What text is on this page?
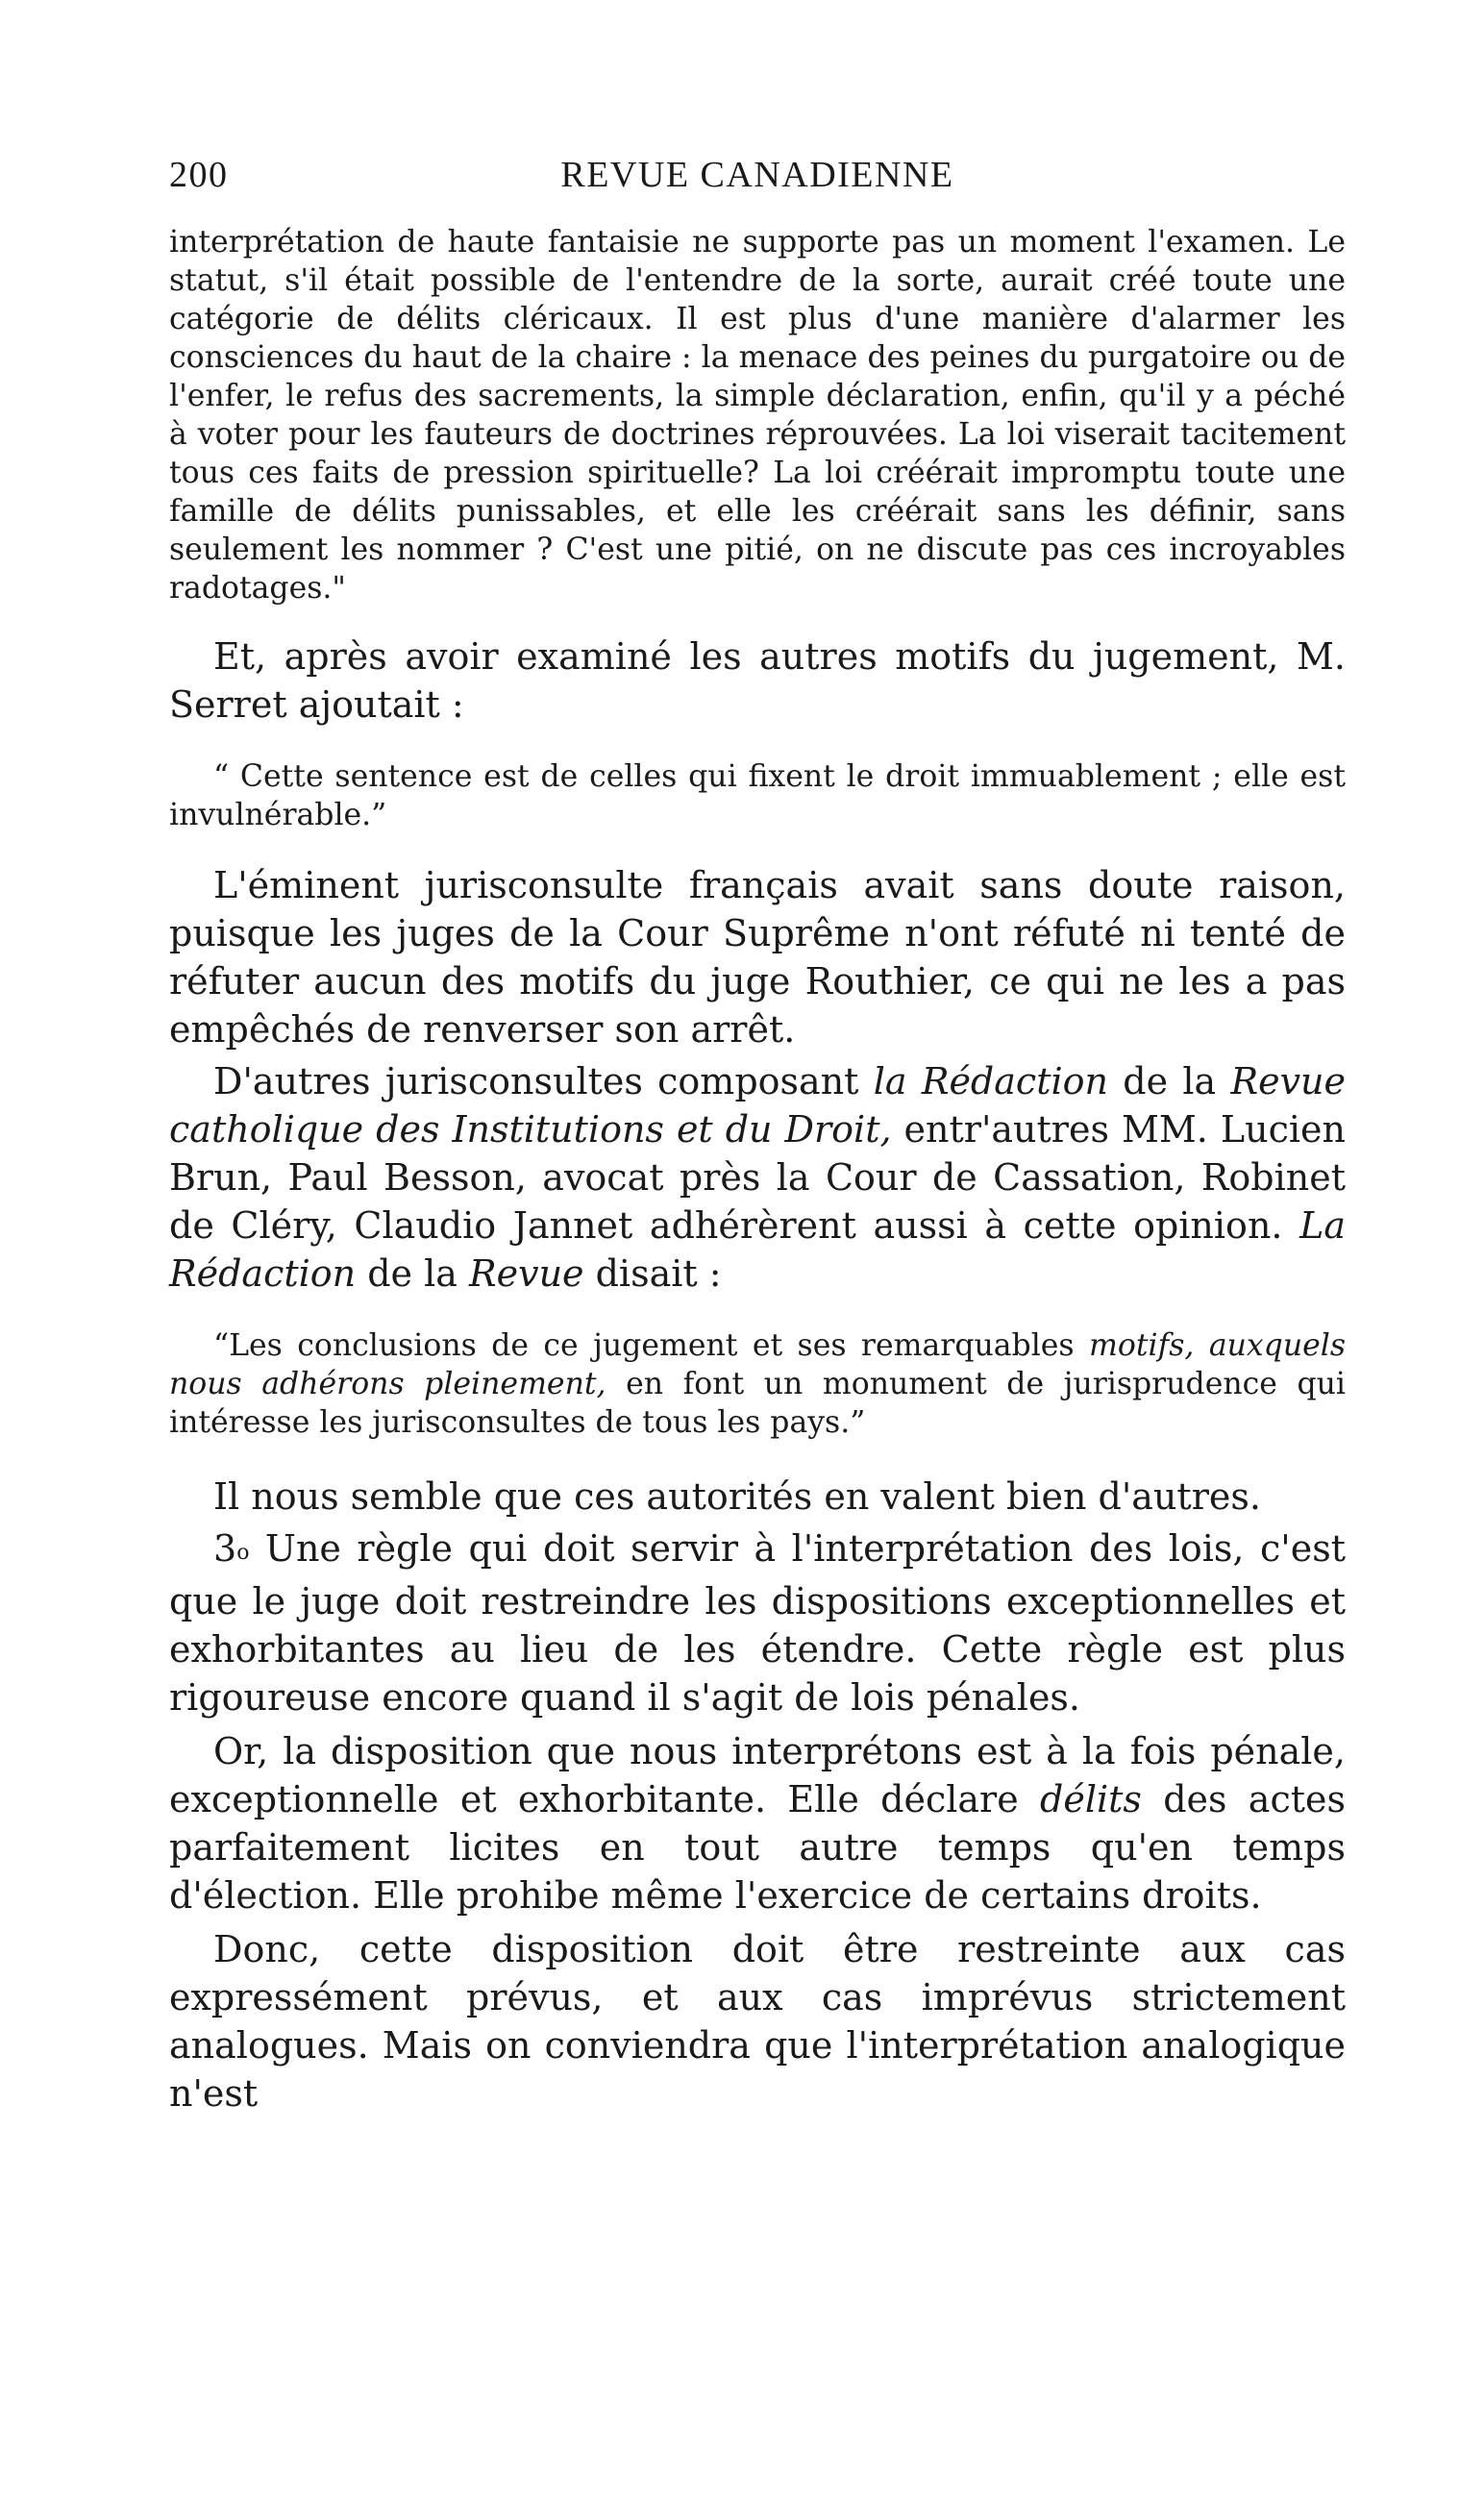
200	REVUE CANADIENNE

interprétation de haute fantaisie ne supporte pas un moment l'examen. Le statut, s'il était possible de l'entendre de la sorte, aurait créé toute une catégorie de délits cléricaux. Il est plus d'une manière d'alarmer les consciences du haut de la chaire : la menace des peines du purgatoire ou de l'enfer, le refus des sacrements, la simple déclaration, enfin, qu'il y a péché à voter pour les fauteurs de doctrines réprouvées. La loi viserait tacitement tous ces faits de pression spirituelle? La loi créérait impromptu toute une famille de délits punissables, et elle les créérait sans les définir, sans seulement les nommer ? C'est une pitié, on ne discute pas ces incroyables radotages."

Et, après avoir examiné les autres motifs du jugement, M. Serret ajoutait :

“ Cette sentence est de celles qui fixent le droit immuablement ; elle est invulnérable.”

L'éminent jurisconsulte français avait sans doute raison, puisque les juges de la Cour Suprême n'ont réfuté ni tenté de réfuter aucun des motifs du juge Routhier, ce qui ne les a pas empêchés de renverser son arrêt.

D'autres jurisconsultes composant la Rédaction de la Revue catholique des Institutions et du Droit, entr'autres MM. Lucien Brun, Paul Besson, avocat près la Cour de Cassation, Robinet de Cléry, Claudio Jannet adhérèrent aussi à cette opinion. La Rédaction de la Revue disait :

“Les conclusions de ce jugement et ses remarquables motifs, auxquels nous adhérons pleinement, en font un monument de jurisprudence qui intéresse les jurisconsultes de tous les pays.”

Il nous semble que ces autorités en valent bien d'autres.

3o Une règle qui doit servir à l'interprétation des lois, c'est que le juge doit restreindre les dispositions exceptionnelles et exhorbitantes au lieu de les étendre. Cette règle est plus rigoureuse encore quand il s'agit de lois pénales.

Or, la disposition que nous interprétons est à la fois pénale, exceptionnelle et exhorbitante. Elle déclare délits des actes parfaitement licites en tout autre temps qu'en temps d'élection. Elle prohibe même l'exercice de certains droits.

Donc, cette disposition doit être restreinte aux cas expressément prévus, et aux cas imprévus strictement analogues. Mais on conviendra que l'interprétation analogique n'est
